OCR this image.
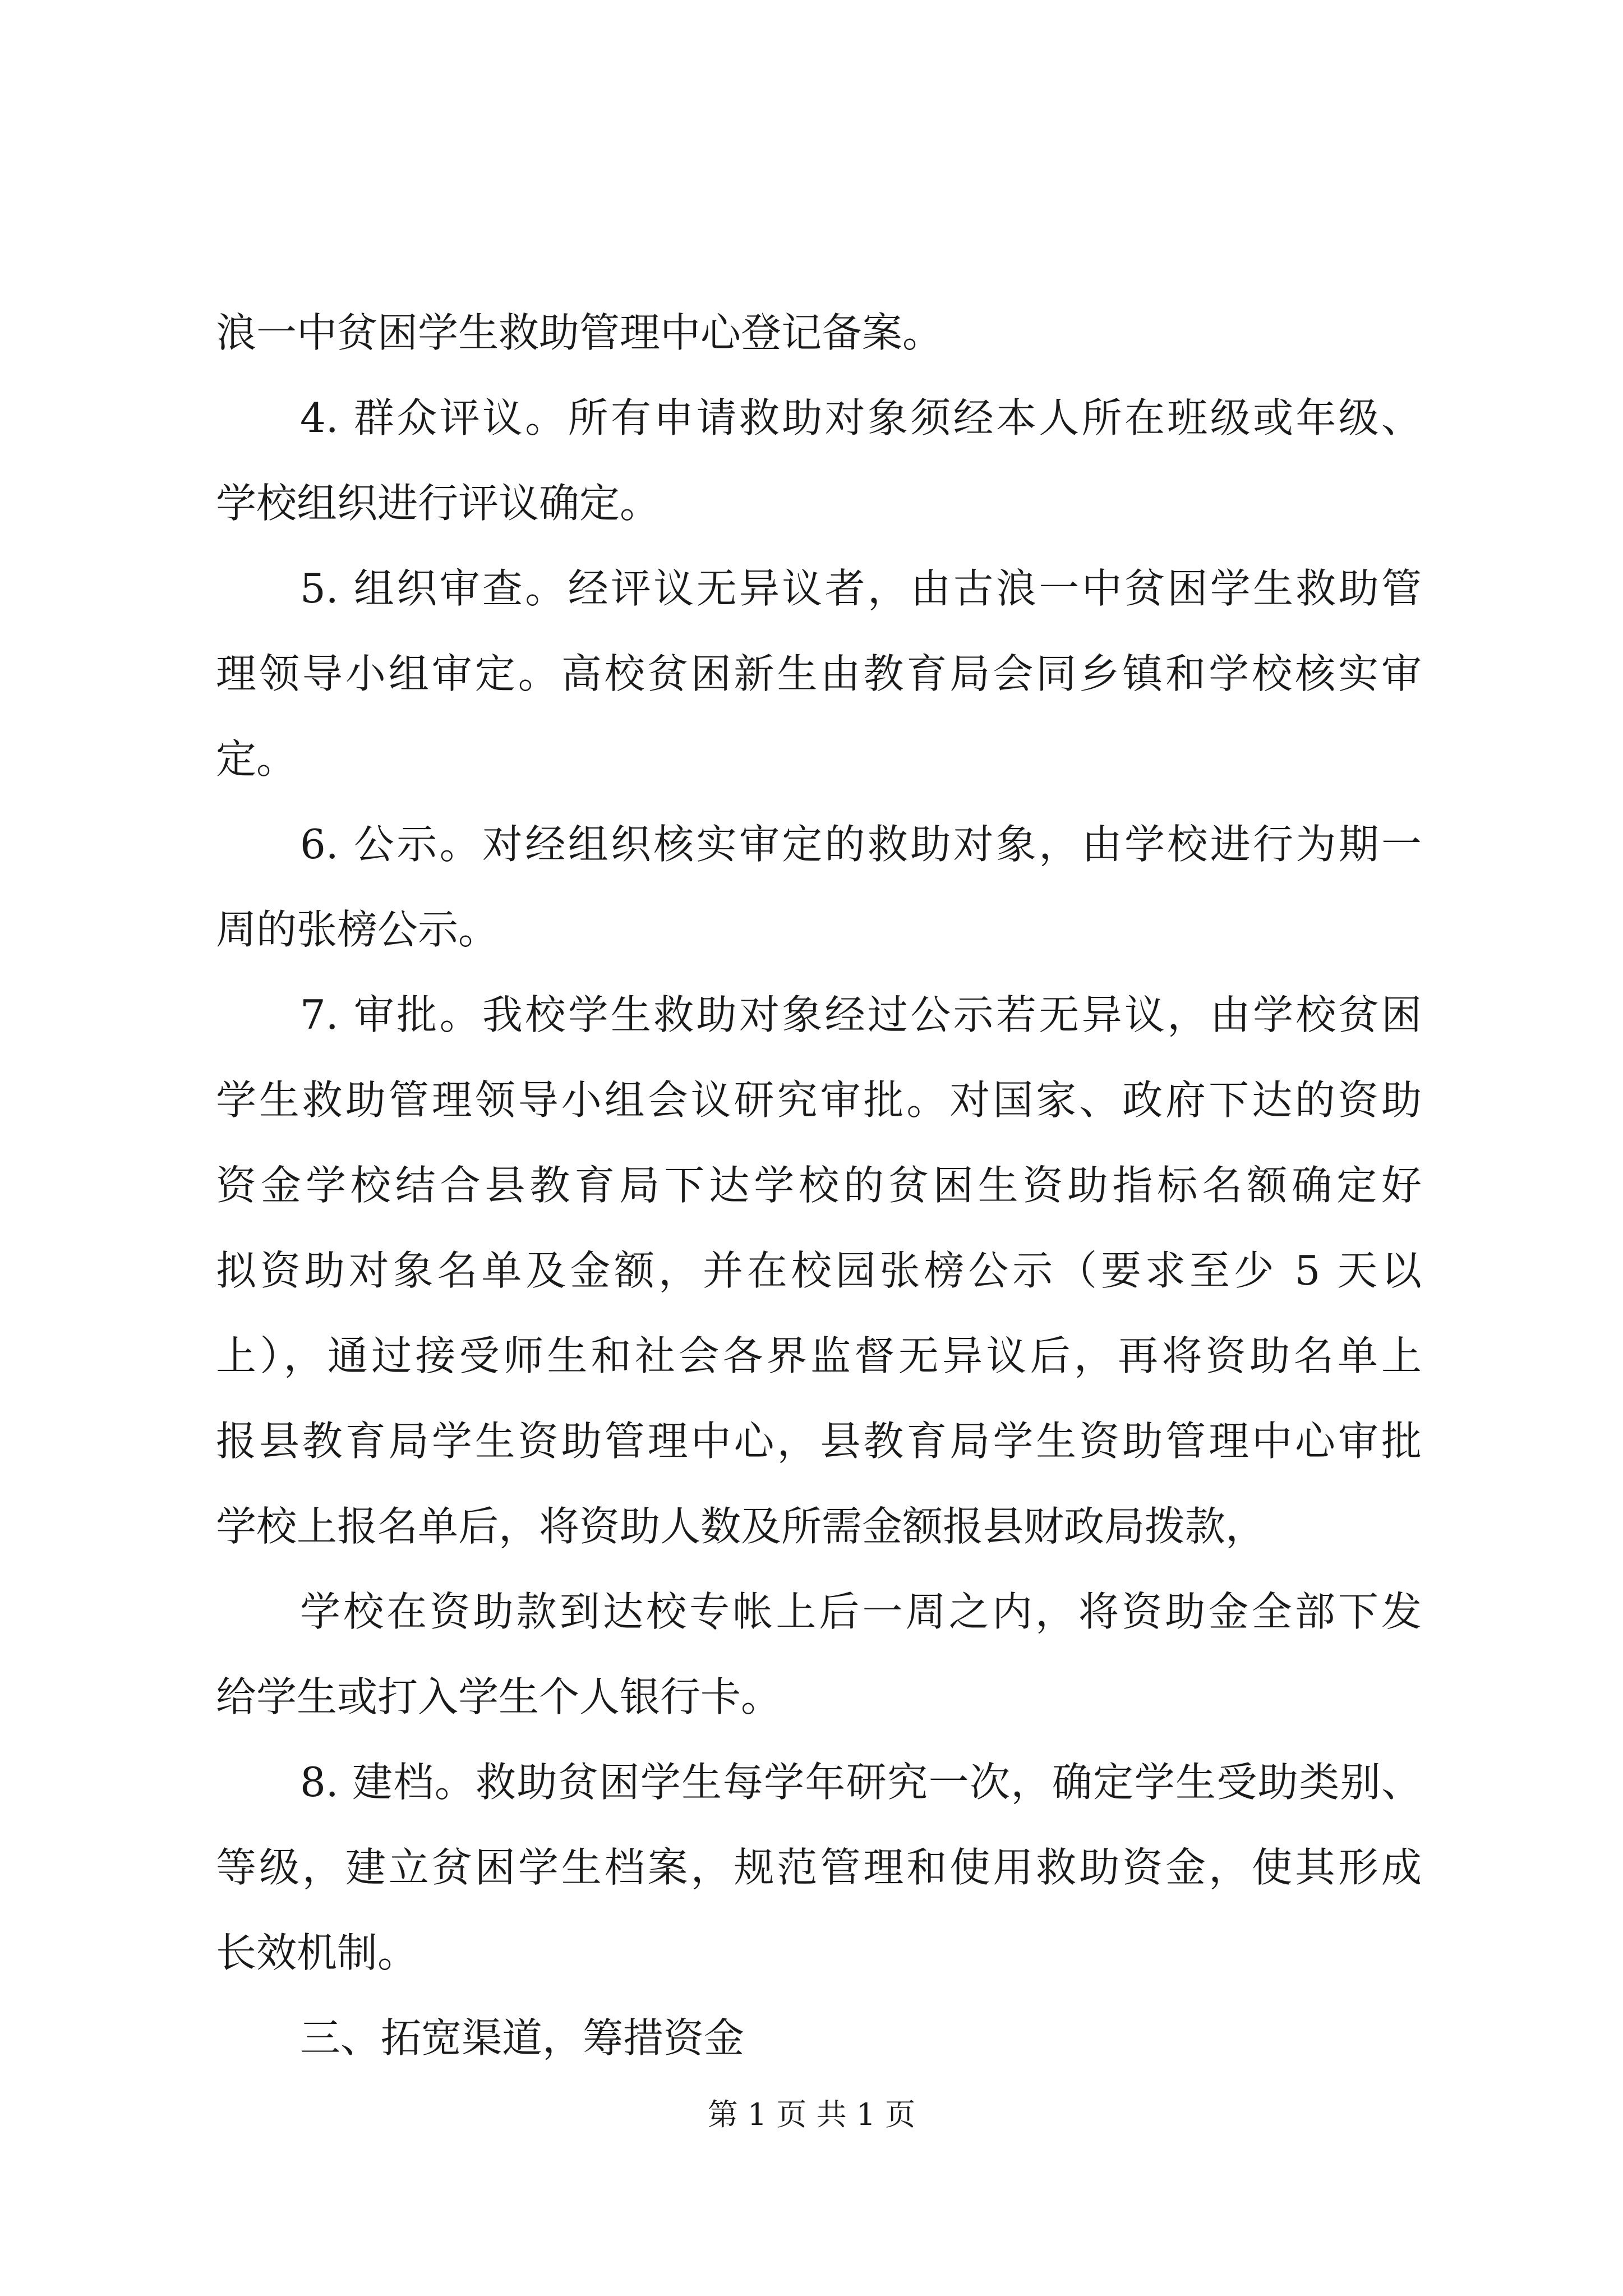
浪一中贫困学生救助管理中心登记备案。
4. 群众评议。所有申请救助对象须经本人所在班级或年级、
学校组织进行评议确定。
5. 组织审查。经评议无异议者，由古浪一中贫困学生救助管
理领导小组审定。高校贫困新生由教育局会同乡镇和学校核实审
定。
6. 公示。对经组织核实审定的救助对象，由学校进行为期一
周的张榜公示。
7. 审批。我校学生救助对象经过公示若无异议，由学校贫困
学生救助管理领导小组会议研究审批。对国家、政府下达的资助
资金学校结合县教育局下达学校的贫困生资助指标名额确定好
拟资助对象名单及金额，并在校园张榜公示（要求至少 5 天以
上），通过接受师生和社会各界监督无异议后，再将资助名单上
报县教育局学生资助管理中心，县教育局学生资助管理中心审批
学校上报名单后，将资助人数及所需金额报县财政局拨款，
学校在资助款到达校专帐上后一周之内，将资助金全部下发
给学生或打入学生个人银行卡。
8. 建档。救助贫困学生每学年研究一次，确定学生受助类别、
等级，建立贫困学生档案，规范管理和使用救助资金，使其形成
长效机制。
三、拓宽渠道，筹措资金
第 1 页 共 1 页
